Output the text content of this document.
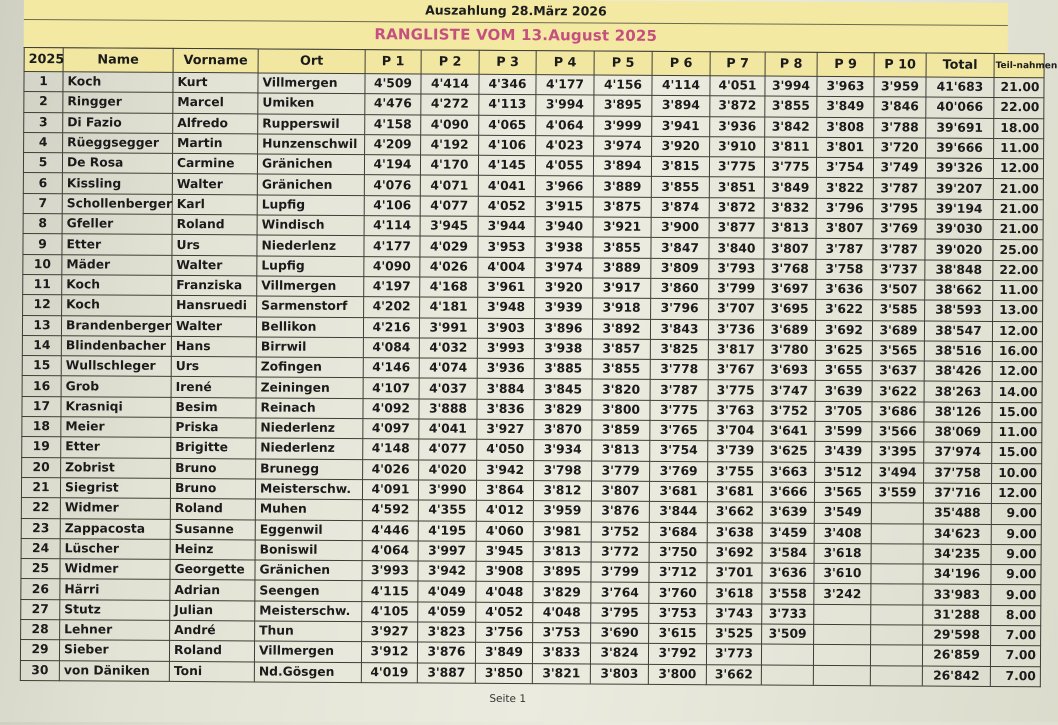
Auszahlung 28.März 2026
RANGLISTE VOM 13.August 2025
2025	Name	Vorname	Ort	P 1	P 2	P 3	P 4	P 5	P 6	P 7	P 8	P 9	P 10	Total	Teil-nahmen
1	Koch	Kurt	Villmergen	4'509	4'414	4'346	4'177	4'156	4'114	4'051	3'994	3'963	3'959	41'683	21.00
2	Ringger	Marcel	Umiken	4'476	4'272	4'113	3'994	3'895	3'894	3'872	3'855	3'849	3'846	40'066	22.00
3	Di Fazio	Alfredo	Rupperswil	4'158	4'090	4'065	4'064	3'999	3'941	3'936	3'842	3'808	3'788	39'691	18.00
4	Rüeggsegger	Martin	Hunzenschwil	4'209	4'192	4'106	4'023	3'974	3'920	3'910	3'811	3'801	3'720	39'666	11.00
5	De Rosa	Carmine	Gränichen	4'194	4'170	4'145	4'055	3'894	3'815	3'775	3'775	3'754	3'749	39'326	12.00
6	Kissling	Walter	Gränichen	4'076	4'071	4'041	3'966	3'889	3'855	3'851	3'849	3'822	3'787	39'207	21.00
7	Schollenberger	Karl	Lupfig	4'106	4'077	4'052	3'915	3'875	3'874	3'872	3'832	3'796	3'795	39'194	21.00
8	Gfeller	Roland	Windisch	4'114	3'945	3'944	3'940	3'921	3'900	3'877	3'813	3'807	3'769	39'030	21.00
9	Etter	Urs	Niederlenz	4'177	4'029	3'953	3'938	3'855	3'847	3'840	3'807	3'787	3'787	39'020	25.00
10	Mäder	Walter	Lupfig	4'090	4'026	4'004	3'974	3'889	3'809	3'793	3'768	3'758	3'737	38'848	22.00
11	Koch	Franziska	Villmergen	4'197	4'168	3'961	3'920	3'917	3'860	3'799	3'697	3'636	3'507	38'662	11.00
12	Koch	Hansruedi	Sarmenstorf	4'202	4'181	3'948	3'939	3'918	3'796	3'707	3'695	3'622	3'585	38'593	13.00
13	Brandenberger	Walter	Bellikon	4'216	3'991	3'903	3'896	3'892	3'843	3'736	3'689	3'692	3'689	38'547	12.00
14	Blindenbacher	Hans	Birrwil	4'084	4'032	3'993	3'938	3'857	3'825	3'817	3'780	3'625	3'565	38'516	16.00
15	Wullschleger	Urs	Zofingen	4'146	4'074	3'936	3'885	3'855	3'778	3'767	3'693	3'655	3'637	38'426	12.00
16	Grob	Irené	Zeiningen	4'107	4'037	3'884	3'845	3'820	3'787	3'775	3'747	3'639	3'622	38'263	14.00
17	Krasniqi	Besim	Reinach	4'092	3'888	3'836	3'829	3'800	3'775	3'763	3'752	3'705	3'686	38'126	15.00
18	Meier	Priska	Niederlenz	4'097	4'041	3'927	3'870	3'859	3'765	3'704	3'641	3'599	3'566	38'069	11.00
19	Etter	Brigitte	Niederlenz	4'148	4'077	4'050	3'934	3'813	3'754	3'739	3'625	3'439	3'395	37'974	15.00
20	Zobrist	Bruno	Brunegg	4'026	4'020	3'942	3'798	3'779	3'769	3'755	3'663	3'512	3'494	37'758	10.00
21	Siegrist	Bruno	Meisterschw.	4'091	3'990	3'864	3'812	3'807	3'681	3'681	3'666	3'565	3'559	37'716	12.00
22	Widmer	Roland	Muhen	4'592	4'355	4'012	3'959	3'876	3'844	3'662	3'639	3'549		35'488	9.00
23	Zappacosta	Susanne	Eggenwil	4'446	4'195	4'060	3'981	3'752	3'684	3'638	3'459	3'408		34'623	9.00
24	Lüscher	Heinz	Boniswil	4'064	3'997	3'945	3'813	3'772	3'750	3'692	3'584	3'618		34'235	9.00
25	Widmer	Georgette	Gränichen	3'993	3'942	3'908	3'895	3'799	3'712	3'701	3'636	3'610		34'196	9.00
26	Härri	Adrian	Seengen	4'115	4'049	4'048	3'829	3'764	3'760	3'618	3'558	3'242		33'983	9.00
27	Stutz	Julian	Meisterschw.	4'105	4'059	4'052	4'048	3'795	3'753	3'743	3'733			31'288	8.00
28	Lehner	André	Thun	3'927	3'823	3'756	3'753	3'690	3'615	3'525	3'509			29'598	7.00
29	Sieber	Roland	Villmergen	3'912	3'876	3'849	3'833	3'824	3'792	3'773				26'859	7.00
30	von Däniken	Toni	Nd.Gösgen	4'019	3'887	3'850	3'821	3'803	3'800	3'662				26'842	7.00
Seite 1
